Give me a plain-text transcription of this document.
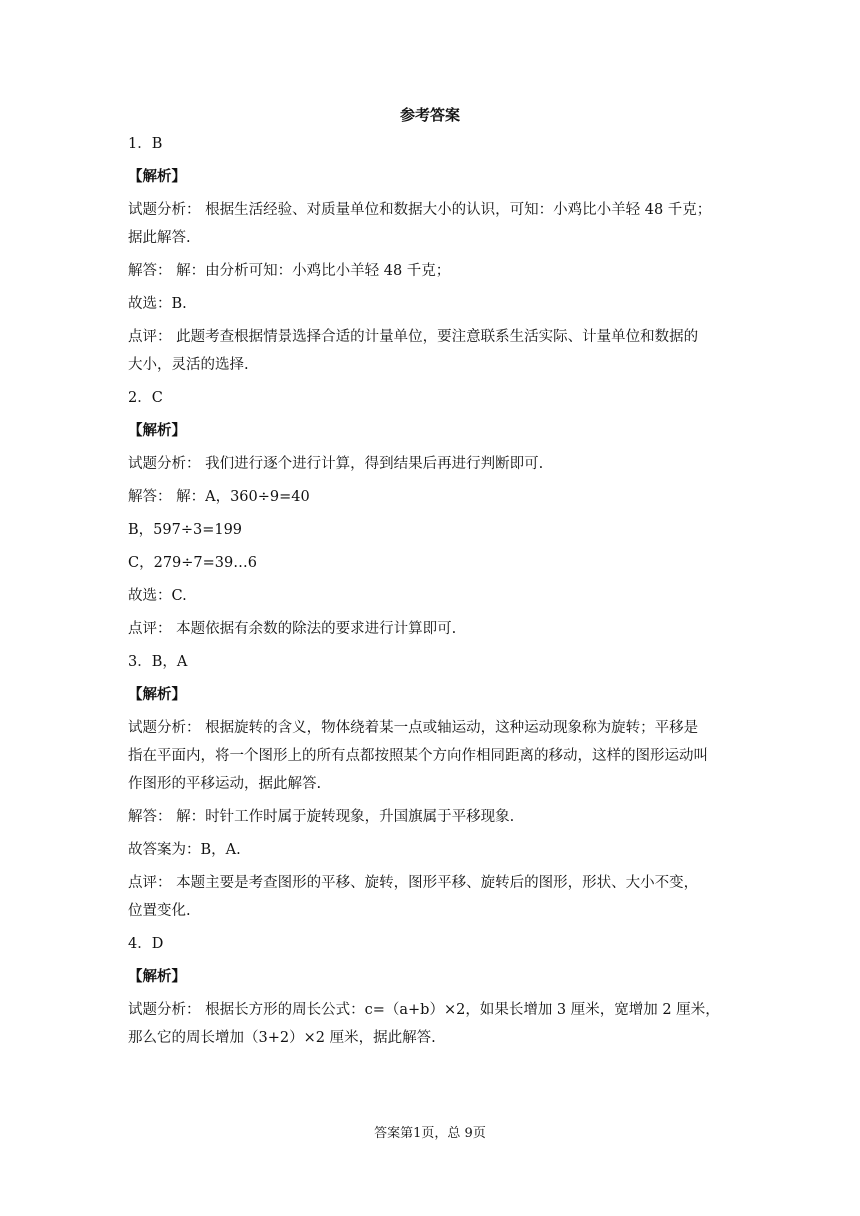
参考答案
1．B
【解析】
试题分析： 根据生活经验、对质量单位和数据大小的认识，可知：小鸡比小羊轻 48 千克；
据此解答.
解答： 解：由分析可知：小鸡比小羊轻 48 千克；
故选：B.
点评： 此题考查根据情景选择合适的计量单位，要注意联系生活实际、计量单位和数据的
大小，灵活的选择.
2．C
【解析】
试题分析： 我们进行逐个进行计算，得到结果后再进行判断即可.
解答： 解：A，360÷9=40
B，597÷3=199
C，279÷7=39…6
故选：C.
点评： 本题依据有余数的除法的要求进行计算即可.
3．B，A
【解析】
试题分析： 根据旋转的含义，物体绕着某一点或轴运动，这种运动现象称为旋转；平移是
指在平面内，将一个图形上的所有点都按照某个方向作相同距离的移动，这样的图形运动叫
作图形的平移运动，据此解答.
解答： 解：时针工作时属于旋转现象，升国旗属于平移现象.
故答案为：B，A.
点评： 本题主要是考查图形的平移、旋转，图形平移、旋转后的图形，形状、大小不变，
位置变化.
4．D
【解析】
试题分析： 根据长方形的周长公式：c=（a+b）×2，如果长增加 3 厘米，宽增加 2 厘米，
那么它的周长增加（3+2）×2 厘米，据此解答.
答案第1页，总 9页
